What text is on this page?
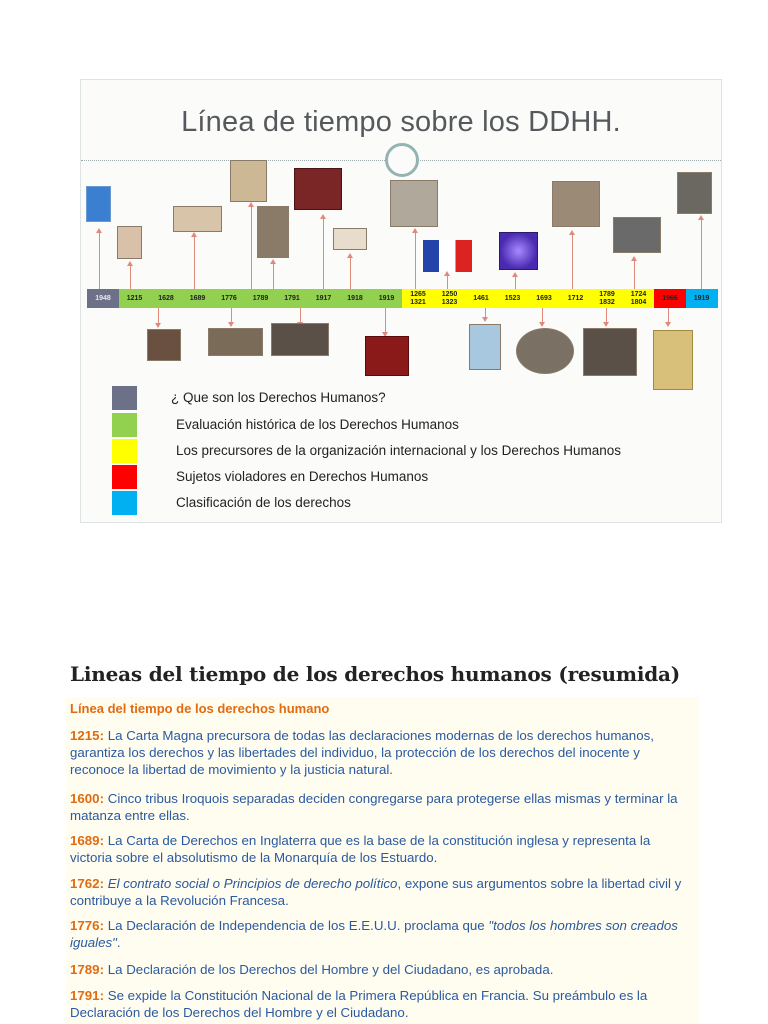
Línea de tiempo sobre los DDHH.
1948	1215	1628	1689	1776	1789	1791	1917	1918	1919
1265
1321
1250
1323
1461	1523	1693	1712
1789
1832
1724
1804
1966	1919
¿ Que son los Derechos Humanos?
Evaluación histórica de los Derechos Humanos
Los precursores de la organización internacional y los Derechos Humanos
Sujetos violadores en Derechos Humanos
Clasificación de los derechos
Lineas del tiempo de los derechos humanos (resumida)
Línea del tiempo de los derechos humano
1215: La Carta Magna precursora de todas las declaraciones modernas de los derechos humanos, garantiza los derechos y las libertades del individuo, la protección de los derechos del inocente y reconoce la libertad de movimiento y la justicia natural.
1600: Cinco tribus Iroquois separadas deciden congregarse para protegerse ellas mismas y terminar la matanza entre ellas.
1689: La Carta de Derechos en Inglaterra que es la base de la constitución inglesa y representa la victoria sobre el absolutismo de la Monarquía de los Estuardo.
1762: El contrato social o Principios de derecho político, expone sus argumentos sobre la libertad civil y contribuye a la Revolución Francesa.
1776: La Declaración de Independencia de los E.E.U.U. proclama que "todos los hombres son creados iguales".
1789: La Declaración de los Derechos del Hombre y del Ciudadano, es aprobada.
1791: Se expide la Constitución Nacional de la Primera República en Francia. Su preámbulo es la Declaración de los Derechos del Hombre y el Ciudadano.
